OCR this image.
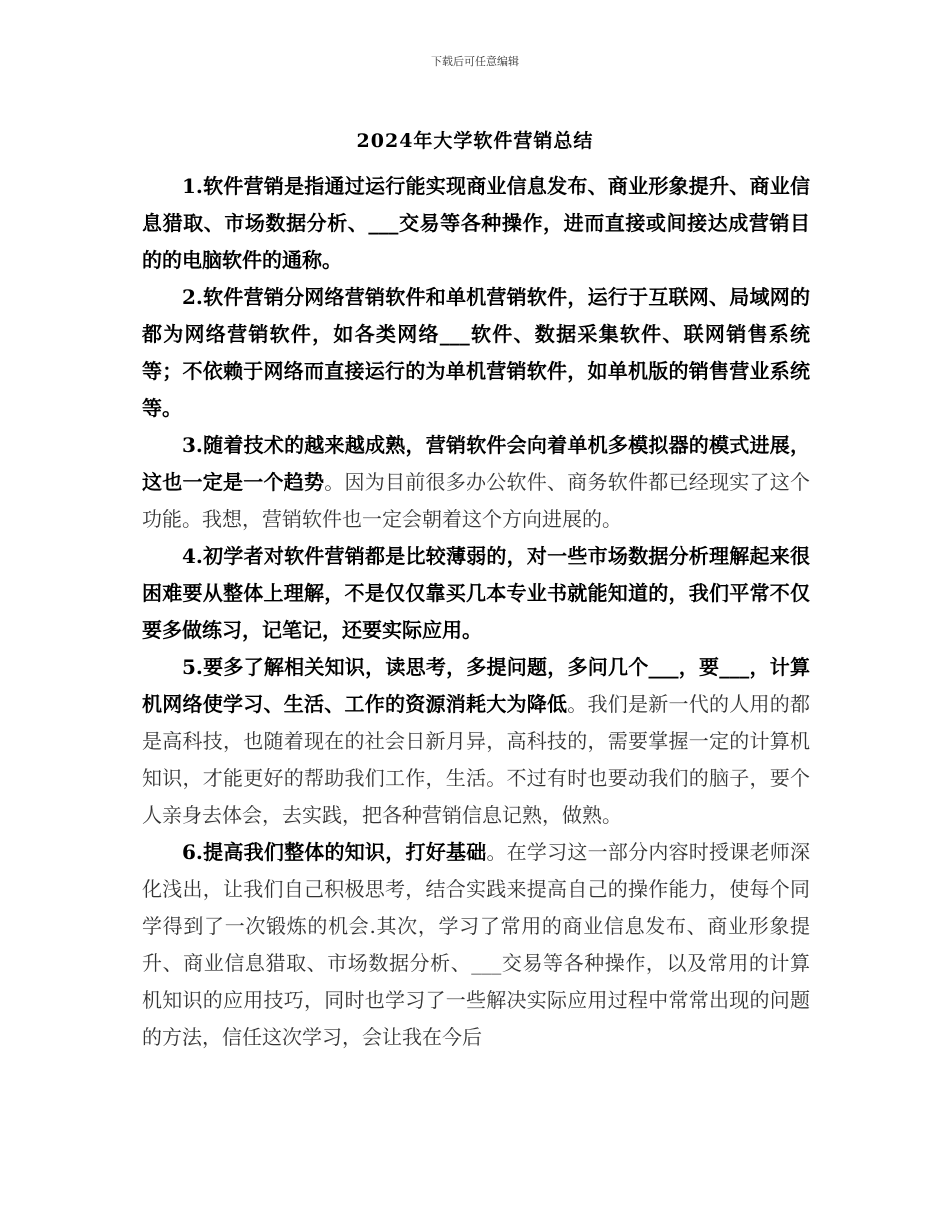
下载后可任意编辑
2024年大学软件营销总结

1.软件营销是指通过运行能实现商业信息发布、商业形象提升、商业信息猎取、市场数据分析、___交易等各种操作，进而直接或间接达成营销目的的电脑软件的通称。

2.软件营销分网络营销软件和单机营销软件，运行于互联网、局域网的都为网络营销软件，如各类网络___软件、数据采集软件、联网销售系统等；不依赖于网络而直接运行的为单机营销软件，如单机版的销售营业系统等。

3.随着技术的越来越成熟，营销软件会向着单机多模拟器的模式进展，这也一定是一个趋势。因为目前很多办公软件、商务软件都已经现实了这个功能。我想，营销软件也一定会朝着这个方向进展的。

4.初学者对软件营销都是比较薄弱的，对一些市场数据分析理解起来很困难要从整体上理解，不是仅仅靠买几本专业书就能知道的，我们平常不仅要多做练习，记笔记，还要实际应用。

5.要多了解相关知识，读思考，多提问题，多问几个___，要___，计算机网络使学习、生活、工作的资源消耗大为降低。我们是新一代的人用的都是高科技，也随着现在的社会日新月异，高科技的，需要掌握一定的计算机知识，才能更好的帮助我们工作，生活。不过有时也要动我们的脑子，要个人亲身去体会，去实践，把各种营销信息记熟，做熟。

6.提高我们整体的知识，打好基础。在学习这一部分内容时授课老师深化浅出，让我们自己积极思考，结合实践来提高自己的操作能力，使每个同学得到了一次锻炼的机会.其次，学习了常用的商业信息发布、商业形象提升、商业信息猎取、市场数据分析、___交易等各种操作，以及常用的计算机知识的应用技巧，同时也学习了一些解决实际应用过程中常常出现的问题的方法，信任这次学习，会让我在今后
